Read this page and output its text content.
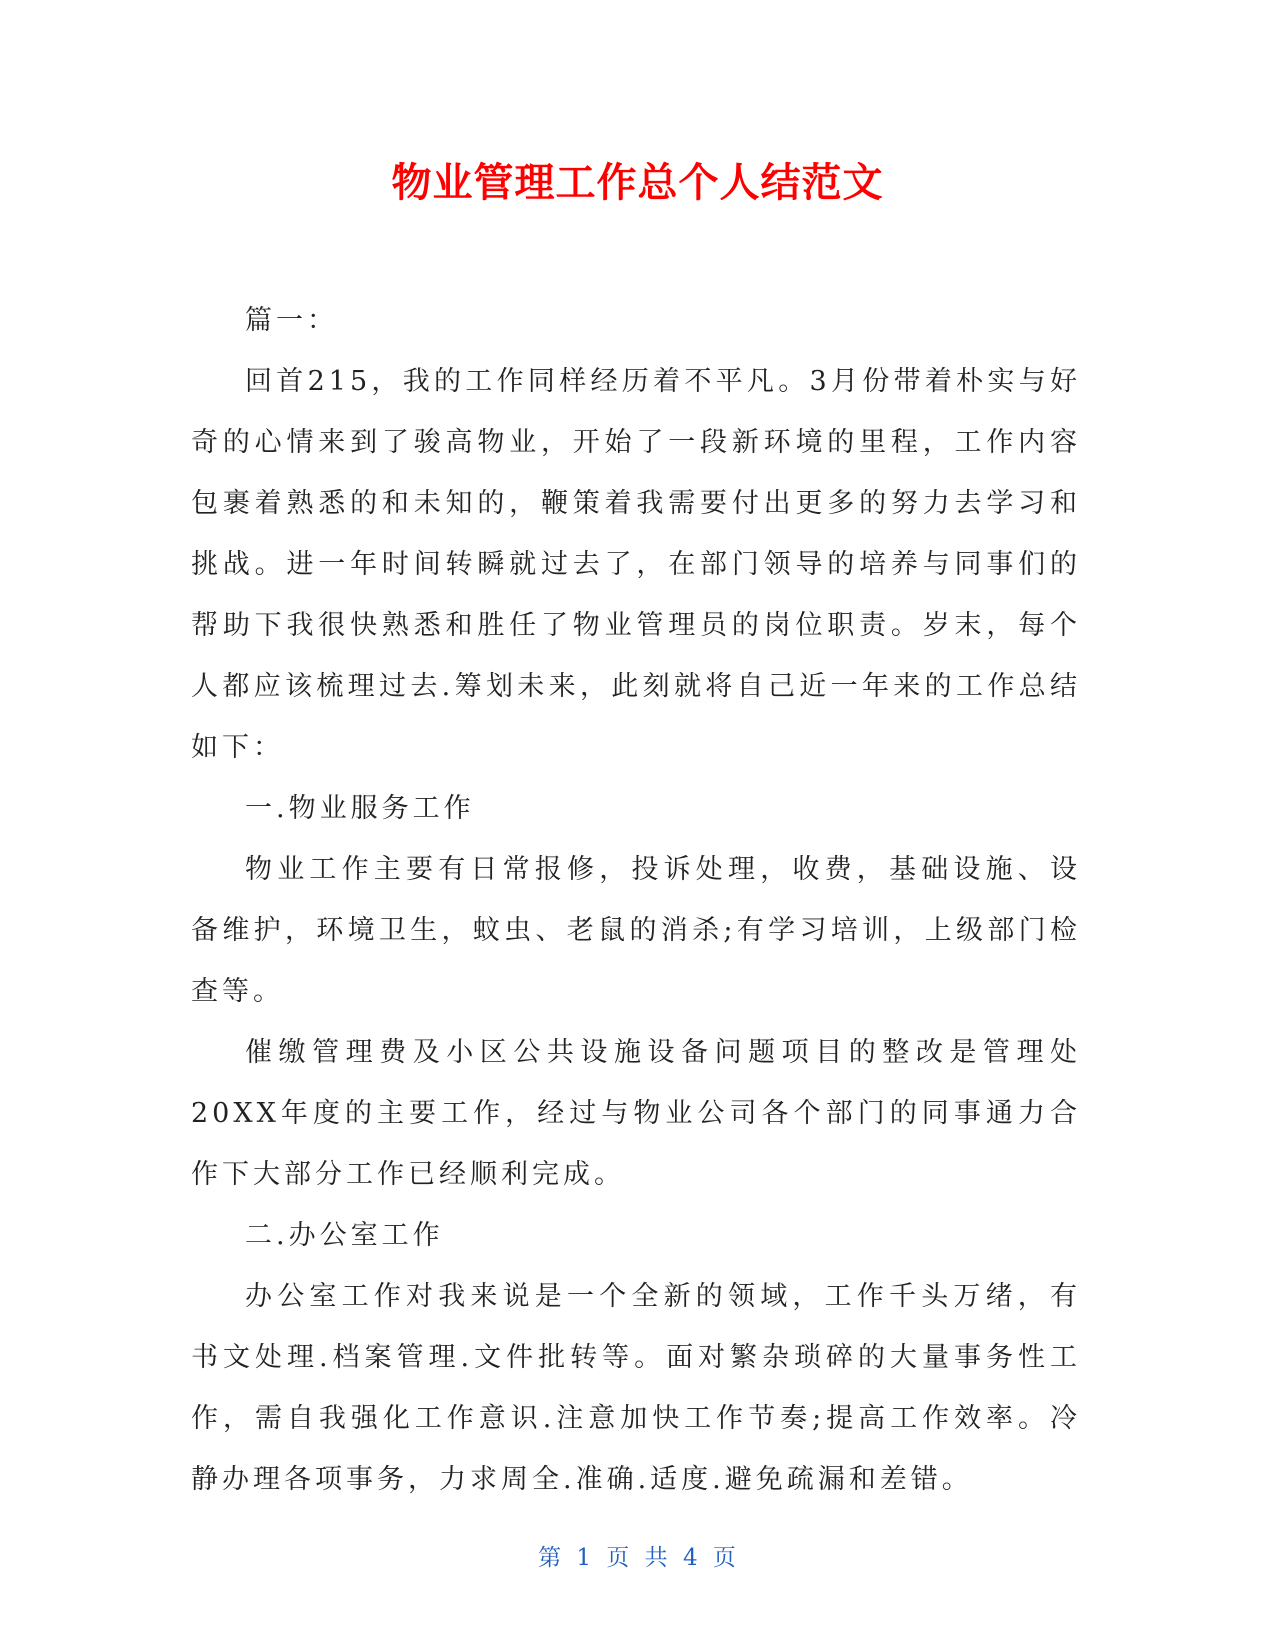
物业管理工作总个人结范文

篇一：

回首215，我的工作同样经历着不平凡。3月份带着朴实与好奇的心情来到了骏高物业，开始了一段新环境的里程，工作内容包裹着熟悉的和未知的，鞭策着我需要付出更多的努力去学习和挑战。进一年时间转瞬就过去了，在部门领导的培养与同事们的帮助下我很快熟悉和胜任了物业管理员的岗位职责。岁末，每个人都应该梳理过去.筹划未来，此刻就将自己近一年来的工作总结如下：

一.物业服务工作

物业工作主要有日常报修，投诉处理，收费，基础设施、设备维护，环境卫生，蚊虫、老鼠的消杀;有学习培训，上级部门检查等。

催缴管理费及小区公共设施设备问题项目的整改是管理处20XX年度的主要工作，经过与物业公司各个部门的同事通力合作下大部分工作已经顺利完成。

二.办公室工作

办公室工作对我来说是一个全新的领域，工作千头万绪，有书文处理.档案管理.文件批转等。面对繁杂琐碎的大量事务性工作，需自我强化工作意识.注意加快工作节奏;提高工作效率。冷静办理各项事务，力求周全.准确.适度.避免疏漏和差错。

第 1 页 共 4 页
